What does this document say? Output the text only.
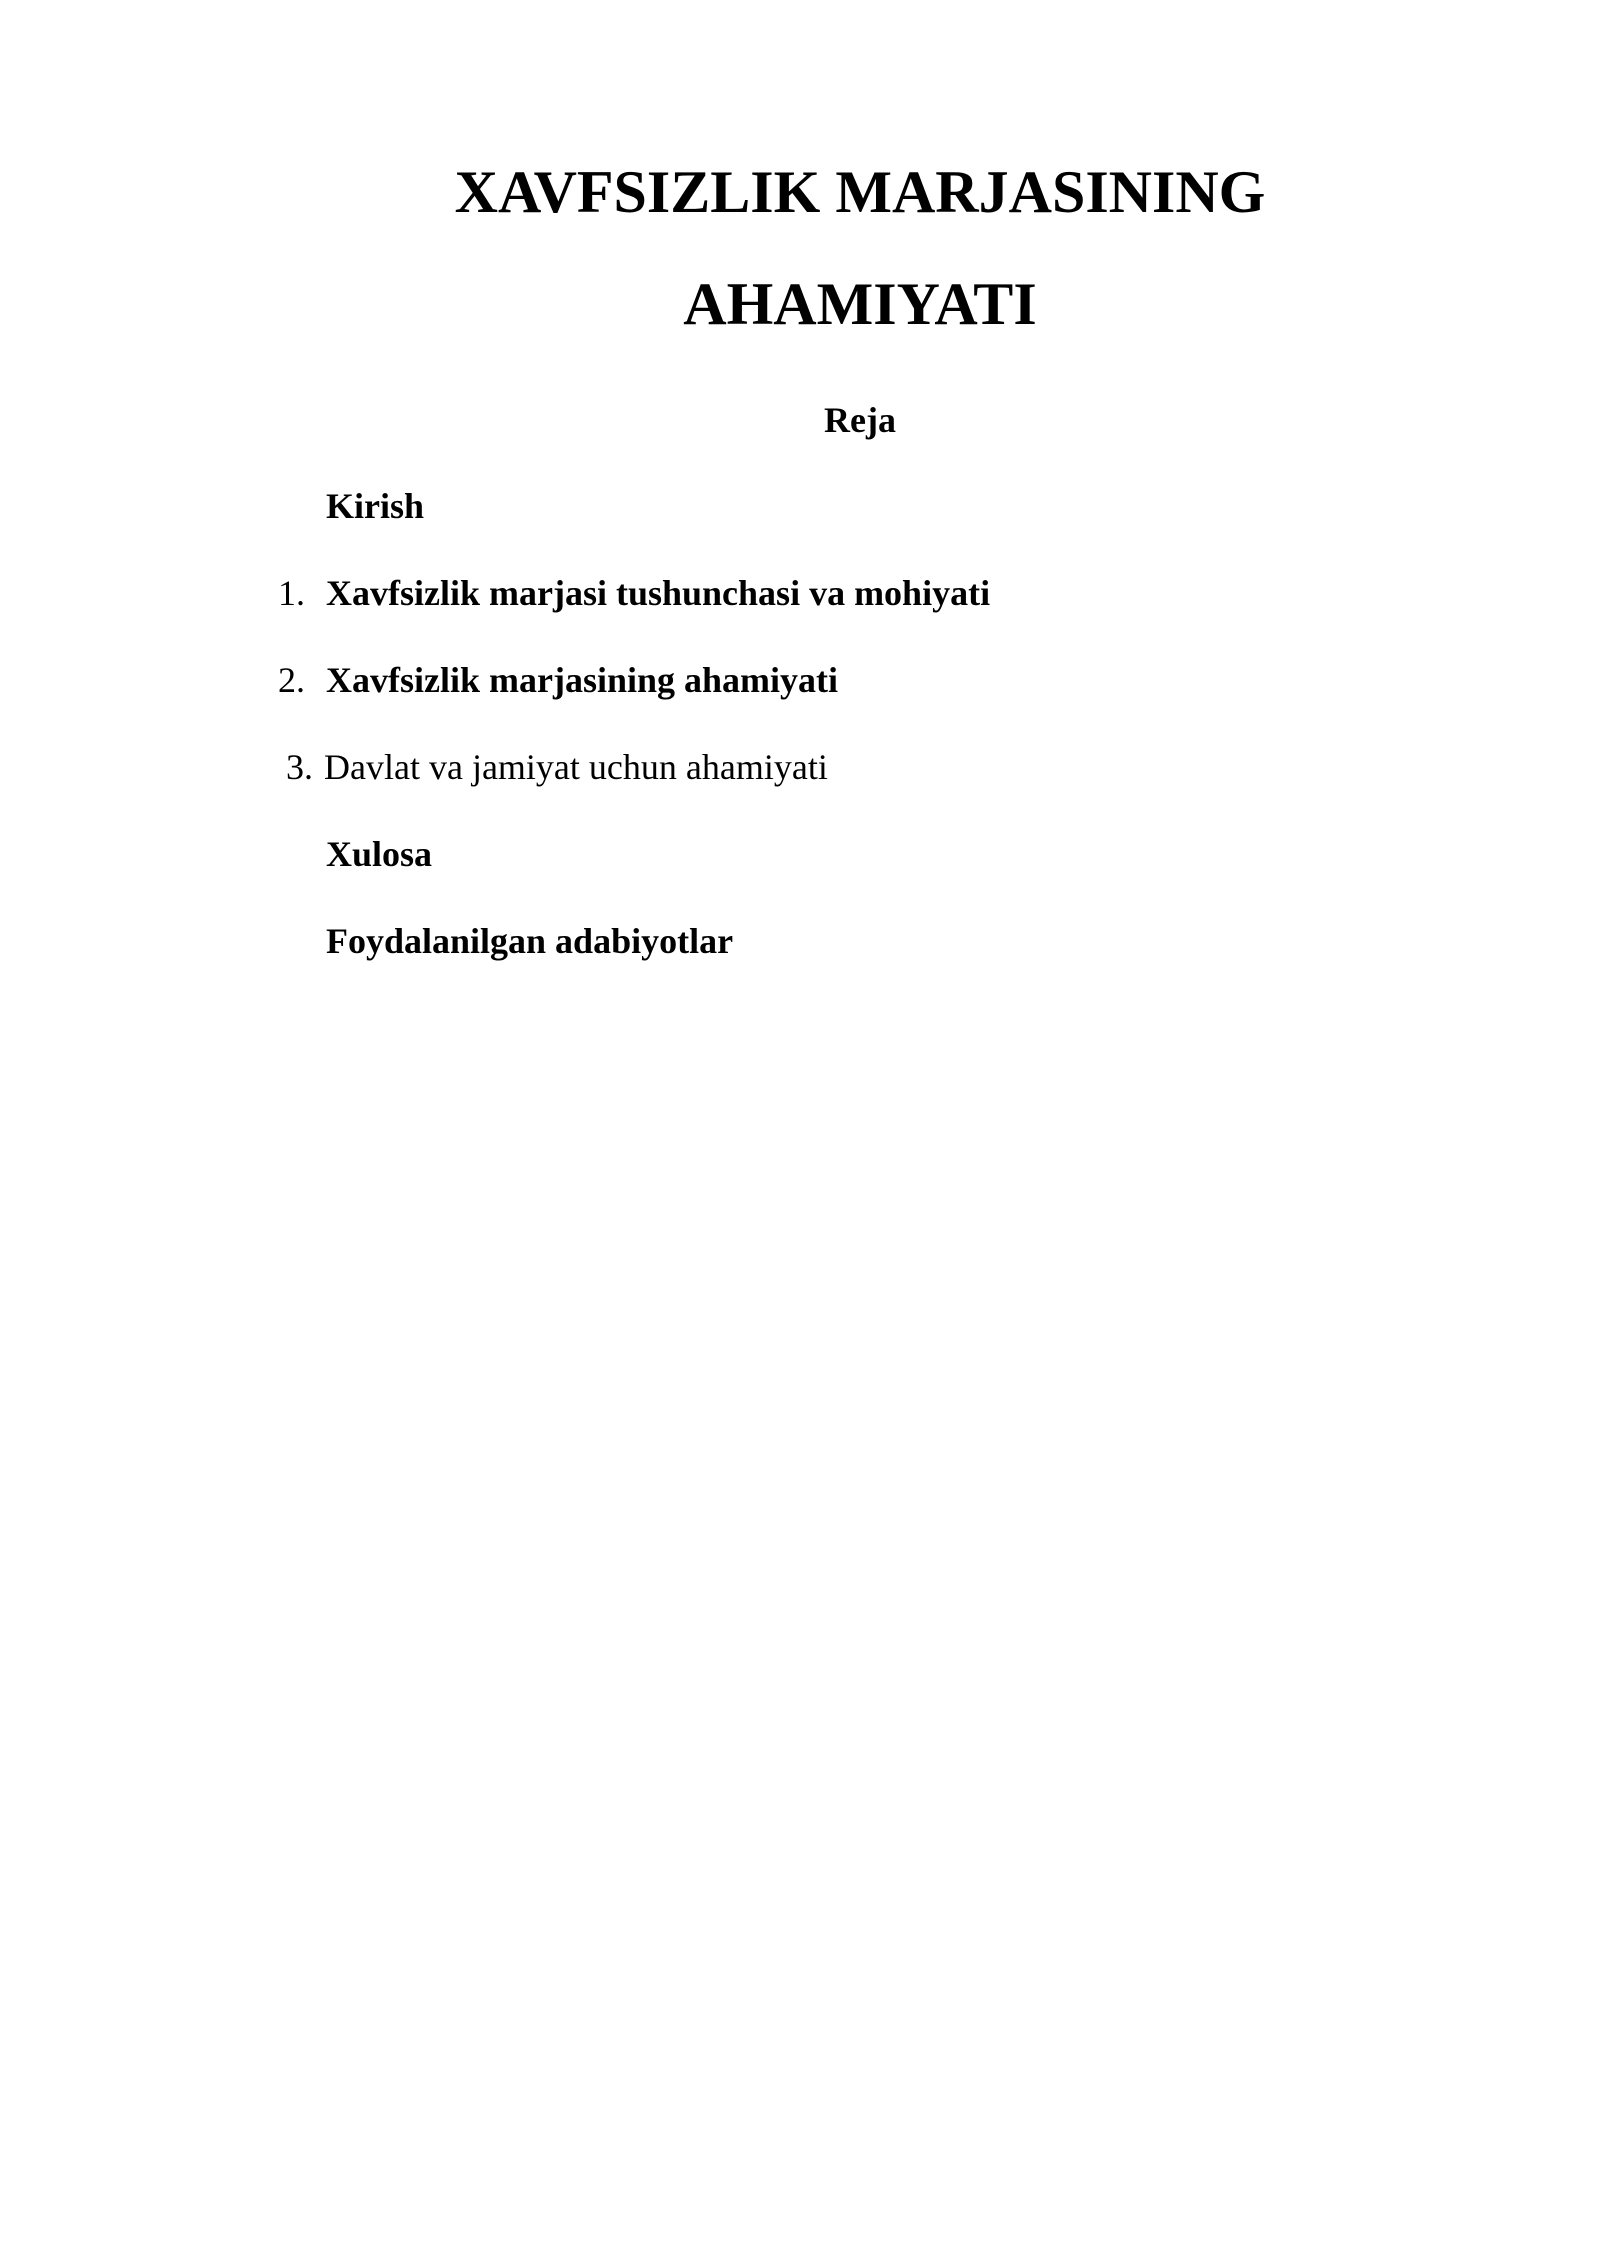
XAVFSIZLIK MARJASINING
AHAMIYATI
Reja
Kirish
1. Xavfsizlik marjasi tushunchasi va mohiyati
2. Xavfsizlik marjasining ahamiyati
3. Davlat va jamiyat uchun ahamiyati
Xulosa
Foydalanilgan adabiyotlar
